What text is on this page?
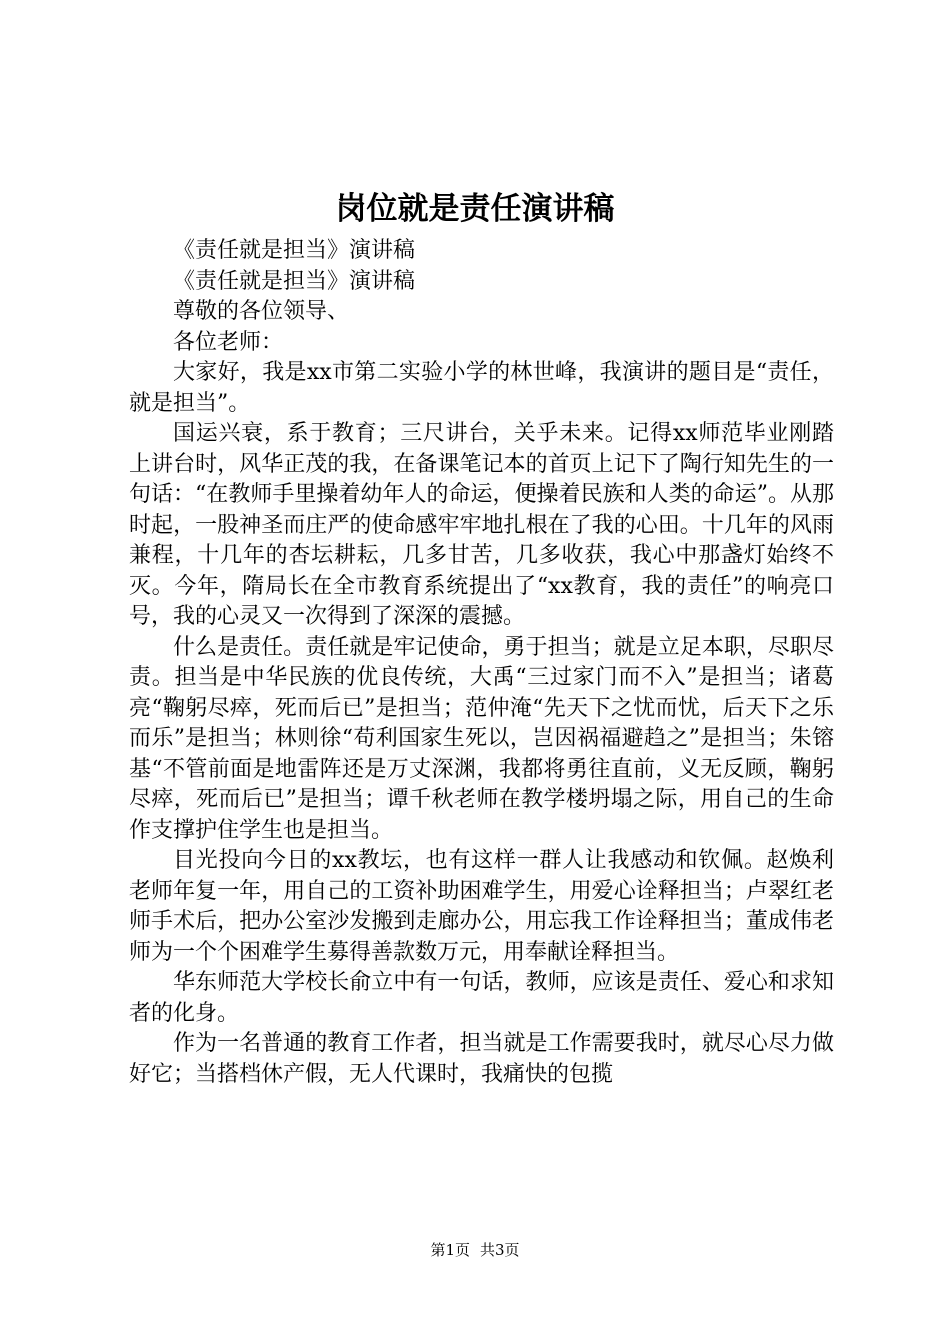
岗位就是责任演讲稿

《责任就是担当》演讲稿

《责任就是担当》演讲稿

尊敬的各位领导、

各位老师：

大家好，我是xx市第二实验小学的林世峰，我演讲的题目是“责任，就是担当”。

国运兴衰，系于教育；三尺讲台，关乎未来。记得xx师范毕业刚踏上讲台时，风华正茂的我，在备课笔记本的首页上记下了陶行知先生的一句话：“在教师手里操着幼年人的命运，便操着民族和人类的命运”。从那时起，一股神圣而庄严的使命感牢牢地扎根在了我的心田。十几年的风雨兼程，十几年的杏坛耕耘，几多甘苦，几多收获，我心中那盏灯始终不灭。今年，隋局长在全市教育系统提出了“xx教育，我的责任”的响亮口号，我的心灵又一次得到了深深的震撼。

什么是责任。责任就是牢记使命，勇于担当；就是立足本职，尽职尽责。担当是中华民族的优良传统，大禹“三过家门而不入”是担当；诸葛亮“鞠躬尽瘁，死而后已”是担当；范仲淹“先天下之忧而忧，后天下之乐而乐”是担当；林则徐“苟利国家生死以，岂因祸福避趋之”是担当；朱镕基“不管前面是地雷阵还是万丈深渊，我都将勇往直前，义无反顾，鞠躬尽瘁，死而后已”是担当；谭千秋老师在教学楼坍塌之际，用自己的生命作支撑护住学生也是担当。

目光投向今日的xx教坛，也有这样一群人让我感动和钦佩。赵焕利老师年复一年，用自己的工资补助困难学生，用爱心诠释担当；卢翠红老师手术后，把办公室沙发搬到走廊办公，用忘我工作诠释担当；董成伟老师为一个个困难学生募得善款数万元，用奉献诠释担当。

华东师范大学校长俞立中有一句话，教师，应该是责任、爱心和求知者的化身。

作为一名普通的教育工作者，担当就是工作需要我时，就尽心尽力做好它；当搭档休产假，无人代课时，我痛快的包揽

第1页 共3页
